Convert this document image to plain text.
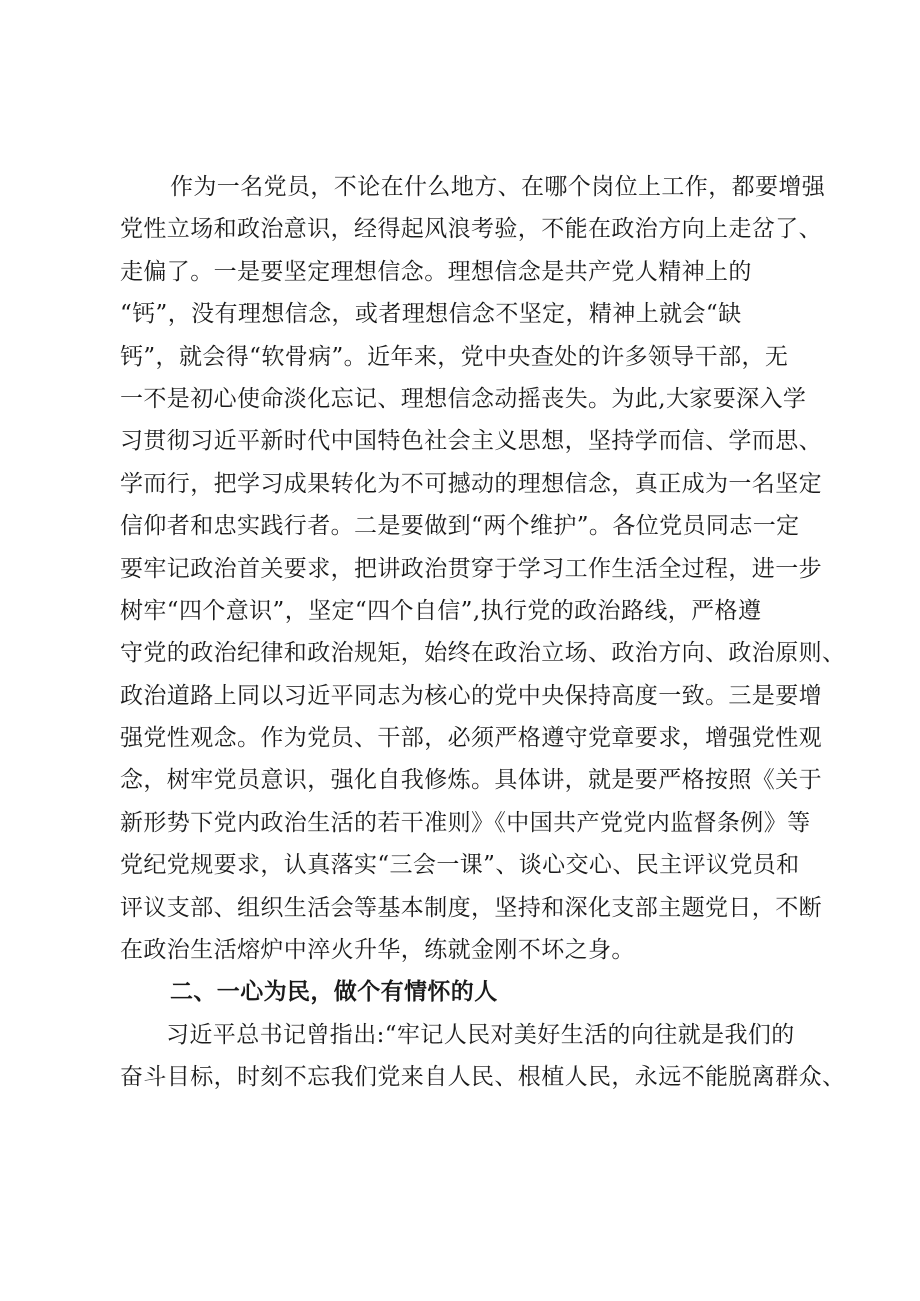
作为一名党员，不论在什么地方、在哪个岗位上工作，都要增强
党性立场和政治意识，经得起风浪考验，不能在政治方向上走岔了、
走偏了。一是要坚定理想信念。理想信念是共产党人精神上的
“钙”，没有理想信念，或者理想信念不坚定，精神上就会“缺
钙”，就会得“软骨病”。近年来，党中央查处的许多领导干部，无
一不是初心使命淡化忘记、理想信念动摇丧失。为此,大家要深入学
习贯彻习近平新时代中国特色社会主义思想，坚持学而信、学而思、
学而行，把学习成果转化为不可撼动的理想信念，真正成为一名坚定
信仰者和忠实践行者。二是要做到“两个维护”。各位党员同志一定
要牢记政治首关要求，把讲政治贯穿于学习工作生活全过程，进一步
树牢“四个意识”，坚定“四个自信”,执行党的政治路线，严格遵
守党的政治纪律和政治规矩，始终在政治立场、政治方向、政治原则、
政治道路上同以习近平同志为核心的党中央保持高度一致。三是要增
强党性观念。作为党员、干部，必须严格遵守党章要求，增强党性观
念，树牢党员意识，强化自我修炼。具体讲，就是要严格按照《关于
新形势下党内政治生活的若干准则》《中国共产党党内监督条例》等
党纪党规要求，认真落实“三会一课”、谈心交心、民主评议党员和
评议支部、组织生活会等基本制度，坚持和深化支部主题党日，不断
在政治生活熔炉中淬火升华，练就金刚不坏之身。
二、一心为民，做个有情怀的人
习近平总书记曾指出:“牢记人民对美好生活的向往就是我们的
奋斗目标，时刻不忘我们党来自人民、根植人民，永远不能脱离群众、
